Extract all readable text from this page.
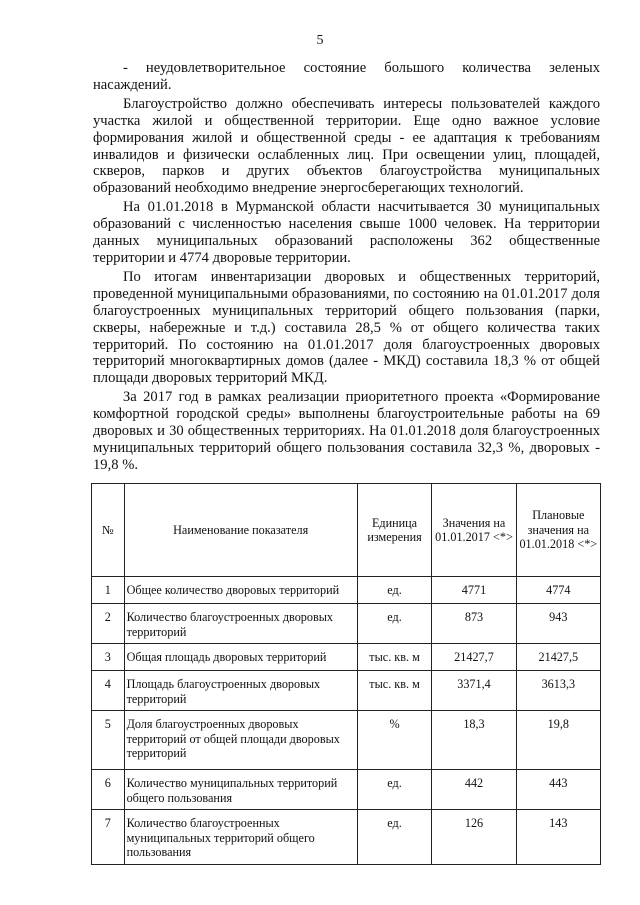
5

- неудовлетворительное состояние большого количества зеленых насаждений.

Благоустройство должно обеспечивать интересы пользователей каждого участка жилой и общественной территории. Еще одно важное условие формирования жилой и общественной среды - ее адаптация к требованиям инвалидов и физически ослабленных лиц. При освещении улиц, площадей, скверов, парков и других объектов благоустройства муниципальных образований необходимо внедрение энергосберегающих технологий.

На 01.01.2018 в Мурманской области насчитывается 30 муниципальных образований с численностью населения свыше 1000 человек. На территории данных муниципальных образований расположены 362 общественные территории и 4774 дворовые территории.

По итогам инвентаризации дворовых и общественных территорий, проведенной муниципальными образованиями, по состоянию на 01.01.2017 доля благоустроенных муниципальных территорий общего пользования (парки, скверы, набережные и т.д.) составила 28,5 % от общего количества таких территорий. По состоянию на 01.01.2017 доля благоустроенных дворовых территорий многоквартирных домов (далее - МКД) составила 18,3 % от общей площади дворовых территорий МКД.

За 2017 год в рамках реализации приоритетного проекта «Формирование комфортной городской среды» выполнены благоустроительные работы на 69 дворовых и 30 общественных территориях. На 01.01.2018 доля благоустроенных муниципальных территорий общего пользования составила 32,3 %, дворовых - 19,8 %.

№	Наименование показателя	Единица измерения	Значения на 01.01.2017 <*>	Плановые значения на 01.01.2018 <*>
1	Общее количество дворовых территорий	ед.	4771	4774
2	Количество благоустроенных дворовых территорий	ед.	873	943
3	Общая площадь дворовых территорий	тыс. кв. м	21427,7	21427,5
4	Площадь благоустроенных дворовых территорий	тыс. кв. м	3371,4	3613,3
5	Доля благоустроенных дворовых территорий от общей площади дворовых территорий	%	18,3	19,8
6	Количество муниципальных территорий общего пользования	ед.	442	443
7	Количество благоустроенных муниципальных территорий общего пользования	ед.	126	143
